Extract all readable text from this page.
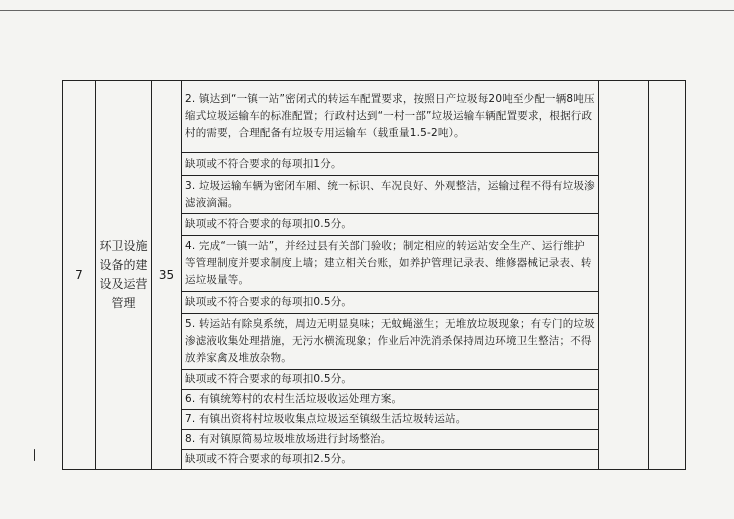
—
7	环卫设施设备的建设及运营管理	35	2. 镇达到“一镇一站”密闭式的转运车配置要求，按照日产垃圾每20吨至少配一辆8吨压缩式垃圾运输车的标准配置；行政村达到“一村一部”垃圾运输车辆配置要求，根据行政村的需要，合理配备有垃圾专用运输车（载重量1.5-2吨）。		
缺项或不符合要求的每项扣1分。
3. 垃圾运输车辆为密闭车厢、统一标识、车况良好、外观整洁，运输过程不得有垃圾渗滤液滴漏。
缺项或不符合要求的每项扣0.5分。
4. 完成“一镇一站”，并经过县有关部门验收；制定相应的转运站安全生产、运行维护等管理制度并要求制度上墙；建立相关台账，如养护管理记录表、维修器械记录表、转运垃圾量等。
缺项或不符合要求的每项扣0.5分。
5. 转运站有除臭系统，周边无明显臭味；无蚊蝇滋生；无堆放垃圾现象；有专门的垃圾渗滤液收集处理措施，无污水横流现象；作业后冲洗消杀保持周边环境卫生整洁；不得放养家禽及堆放杂物。
缺项或不符合要求的每项扣0.5分。
6. 有镇统筹村的农村生活垃圾收运处理方案。
7. 有镇出资将村垃圾收集点垃圾运至镇级生活垃圾转运站。
8. 有对镇原简易垃圾堆放场进行封场整治。
缺项或不符合要求的每项扣2.5分。
